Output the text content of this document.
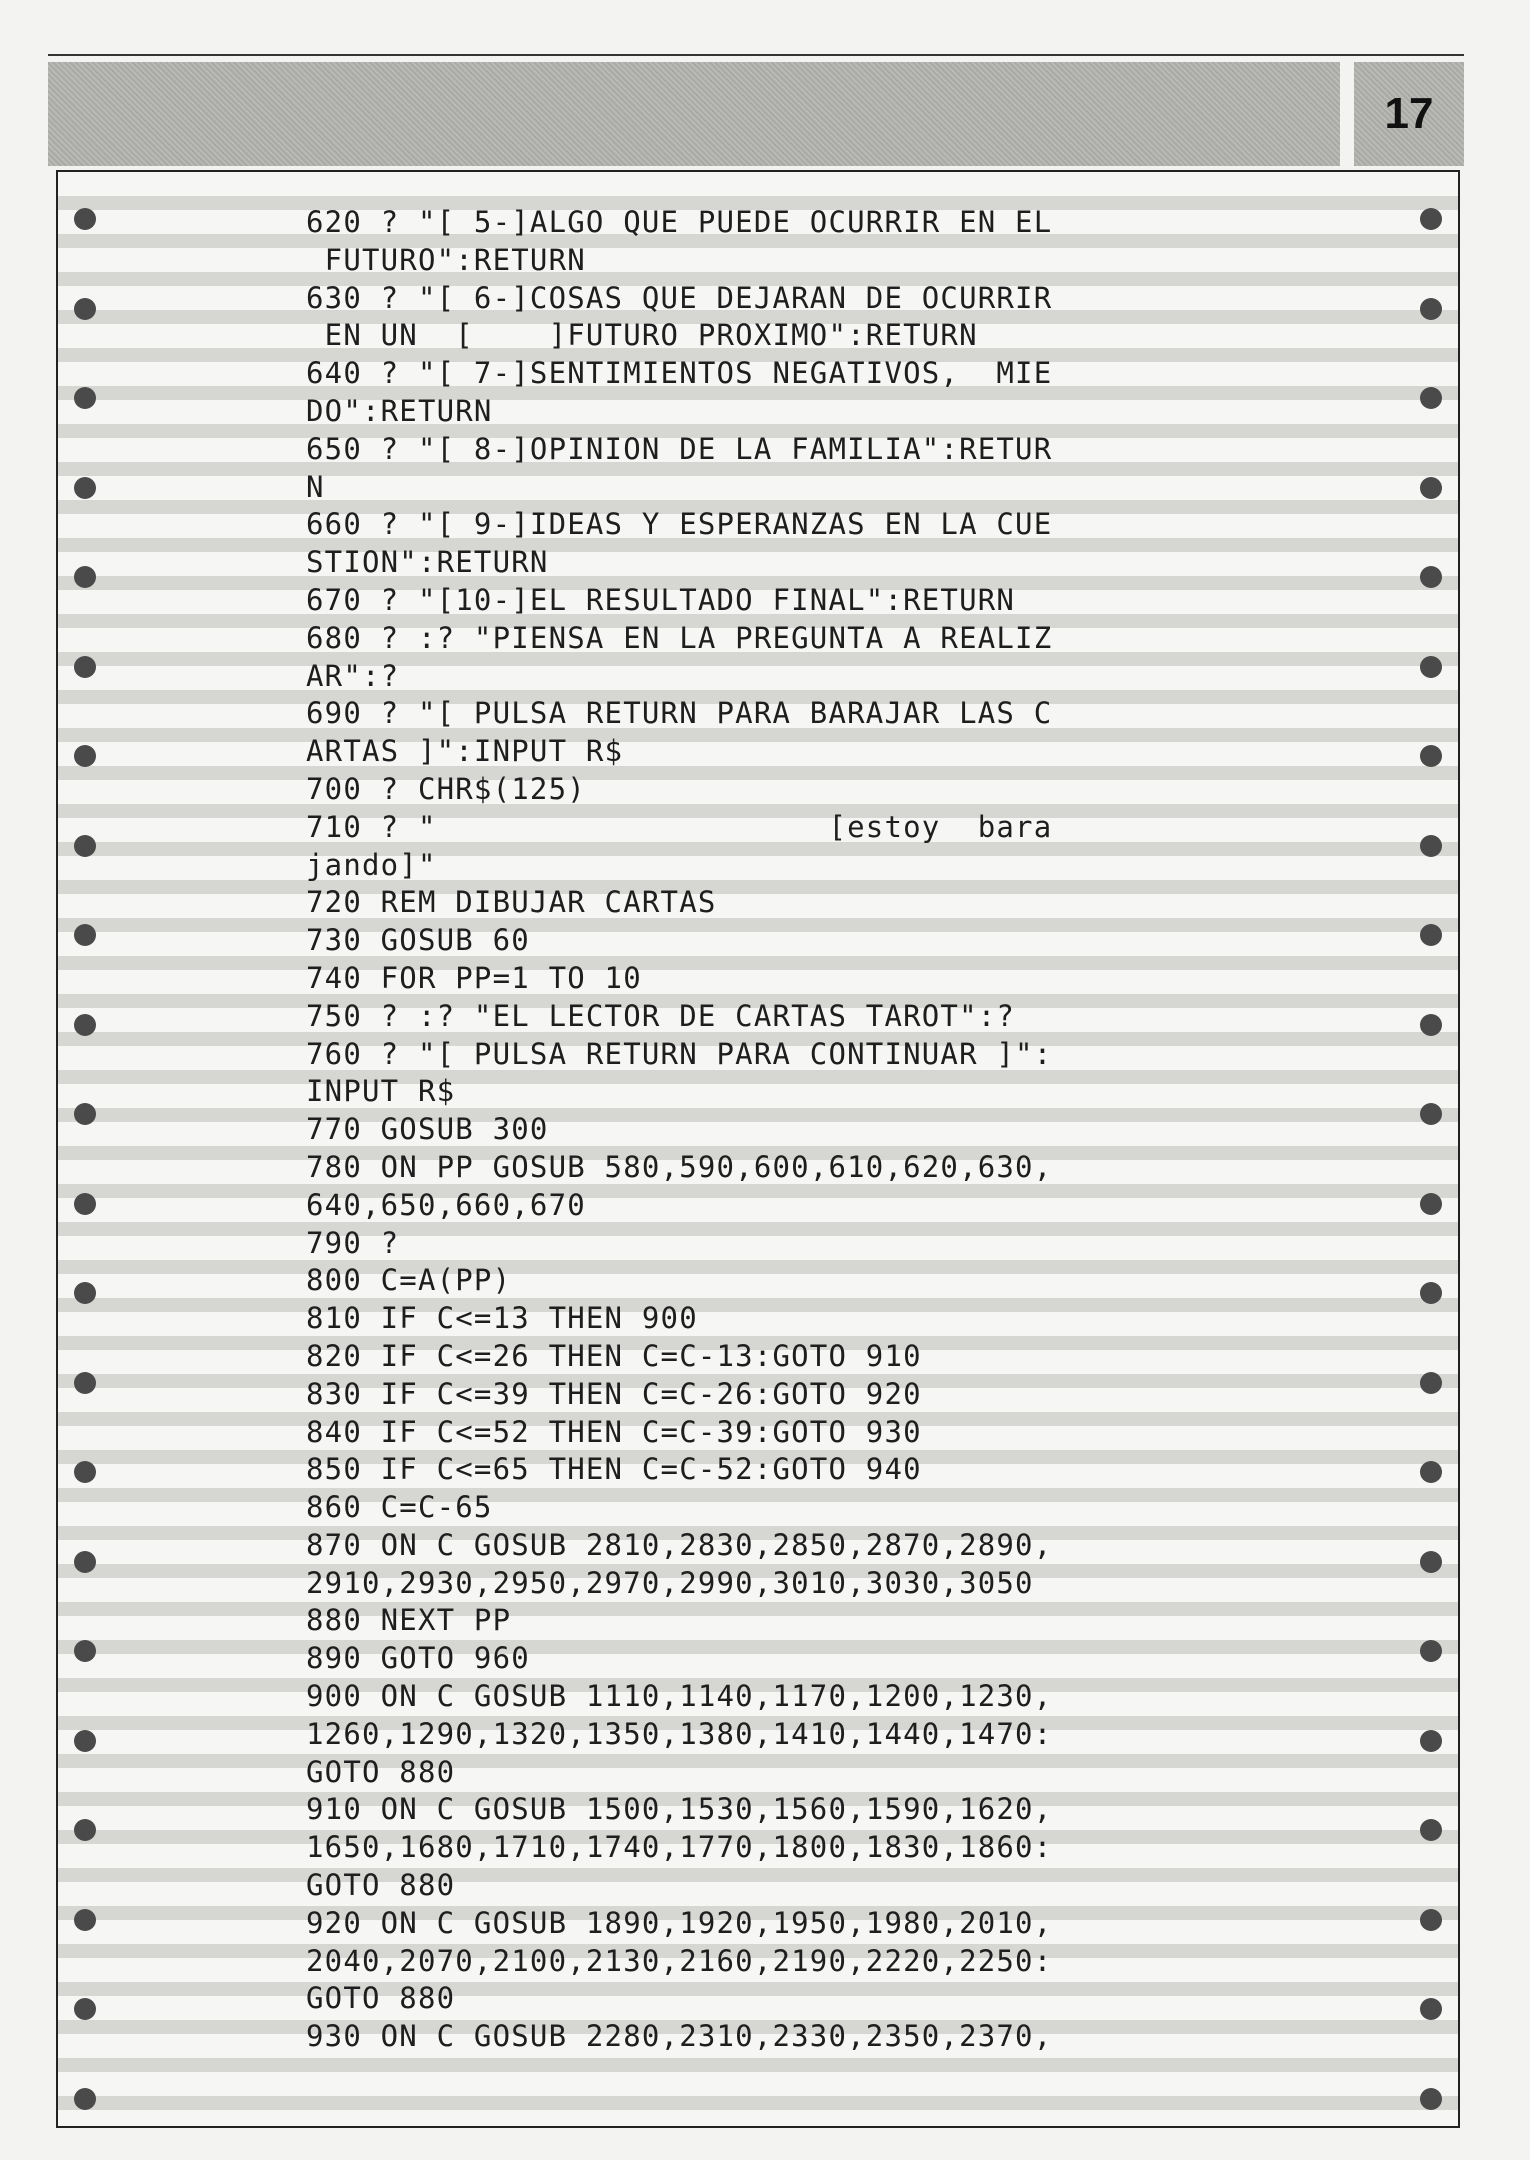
17
620 ? "[ 5-]ALGO QUE PUEDE OCURRIR EN EL
FUTURO":RETURN
630 ? "[ 6-]COSAS QUE DEJARAN DE OCURRIR
EN UN  [    ]FUTURO PROXIMO":RETURN
640 ? "[ 7-]SENTIMIENTOS NEGATIVOS,  MIE
DO":RETURN
650 ? "[ 8-]OPINION DE LA FAMILIA":RETUR
N
660 ? "[ 9-]IDEAS Y ESPERANZAS EN LA CUE
STION":RETURN
670 ? "[10-]EL RESULTADO FINAL":RETURN
680 ? :? "PIENSA EN LA PREGUNTA A REALIZ
AR":?
690 ? "[ PULSA RETURN PARA BARAJAR LAS C
ARTAS ]":INPUT R$
700 ? CHR$(125)
710 ? "                     [estoy  bara
jando]"
720 REM DIBUJAR CARTAS
730 GOSUB 60
740 FOR PP=1 TO 10
750 ? :? "EL LECTOR DE CARTAS TAROT":?
760 ? "[ PULSA RETURN PARA CONTINUAR ]":
INPUT R$
770 GOSUB 300
780 ON PP GOSUB 580,590,600,610,620,630,
640,650,660,670
790 ?
800 C=A(PP)
810 IF C<=13 THEN 900
820 IF C<=26 THEN C=C-13:GOTO 910
830 IF C<=39 THEN C=C-26:GOTO 920
840 IF C<=52 THEN C=C-39:GOTO 930
850 IF C<=65 THEN C=C-52:GOTO 940
860 C=C-65
870 ON C GOSUB 2810,2830,2850,2870,2890,
2910,2930,2950,2970,2990,3010,3030,3050
880 NEXT PP
890 GOTO 960
900 ON C GOSUB 1110,1140,1170,1200,1230,
1260,1290,1320,1350,1380,1410,1440,1470:
GOTO 880
910 ON C GOSUB 1500,1530,1560,1590,1620,
1650,1680,1710,1740,1770,1800,1830,1860:
GOTO 880
920 ON C GOSUB 1890,1920,1950,1980,2010,
2040,2070,2100,2130,2160,2190,2220,2250:
GOTO 880
930 ON C GOSUB 2280,2310,2330,2350,2370,
